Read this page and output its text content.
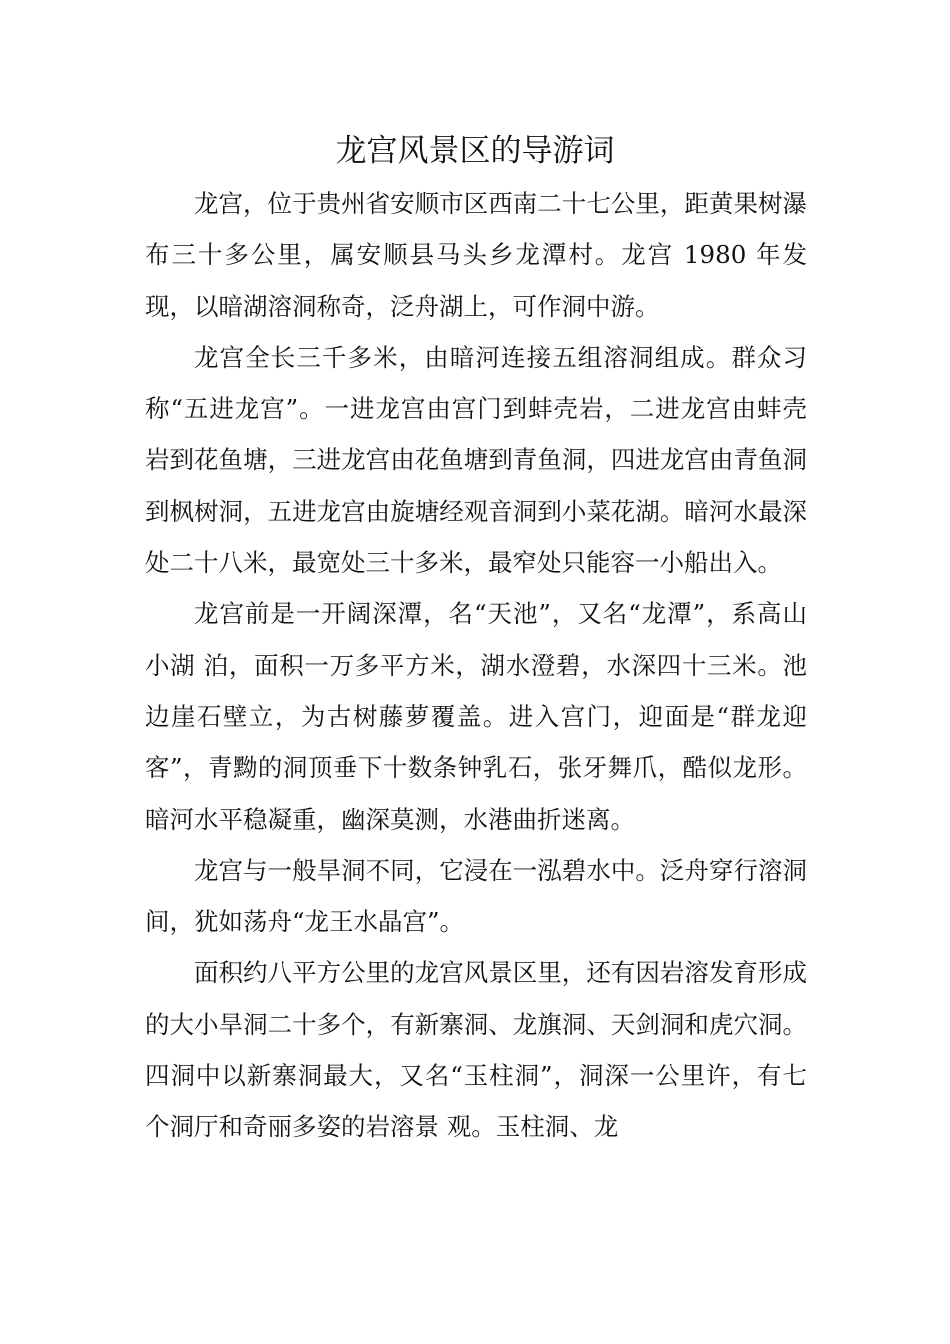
龙宫风景区的导游词

龙宫，位于贵州省安顺市区西南二十七公里，距黄果树瀑布三十多公里，属安顺县马头乡龙潭村。龙宫 1980 年发现，以暗湖溶洞称奇，泛舟湖上，可作洞中游。

龙宫全长三千多米，由暗河连接五组溶洞组成。群众习称“五进龙宫”。一进龙宫由宫门到蚌壳岩，二进龙宫由蚌壳岩到花鱼塘，三进龙宫由花鱼塘到青鱼洞，四进龙宫由青鱼洞到枫树洞，五进龙宫由旋塘经观音洞到小菜花湖。暗河水最深处二十八米，最宽处三十多米，最窄处只能容一小船出入。

龙宫前是一开阔深潭，名“天池”，又名“龙潭”，系高山小湖 泊，面积一万多平方米，湖水澄碧，水深四十三米。池边崖石壁立，为古树藤萝覆盖。进入宫门，迎面是“群龙迎客”，青黝的洞顶垂下十数条钟乳石，张牙舞爪，酷似龙形。暗河水平稳凝重，幽深莫测，水港曲折迷离。

龙宫与一般旱洞不同，它浸在一泓碧水中。泛舟穿行溶洞间，犹如荡舟“龙王水晶宫”。

面积约八平方公里的龙宫风景区里，还有因岩溶发育形成的大小旱洞二十多个，有新寨洞、龙旗洞、天剑洞和虎穴洞。四洞中以新寨洞最大，又名“玉柱洞”，洞深一公里许，有七个洞厅和奇丽多姿的岩溶景 观。玉柱洞、龙
